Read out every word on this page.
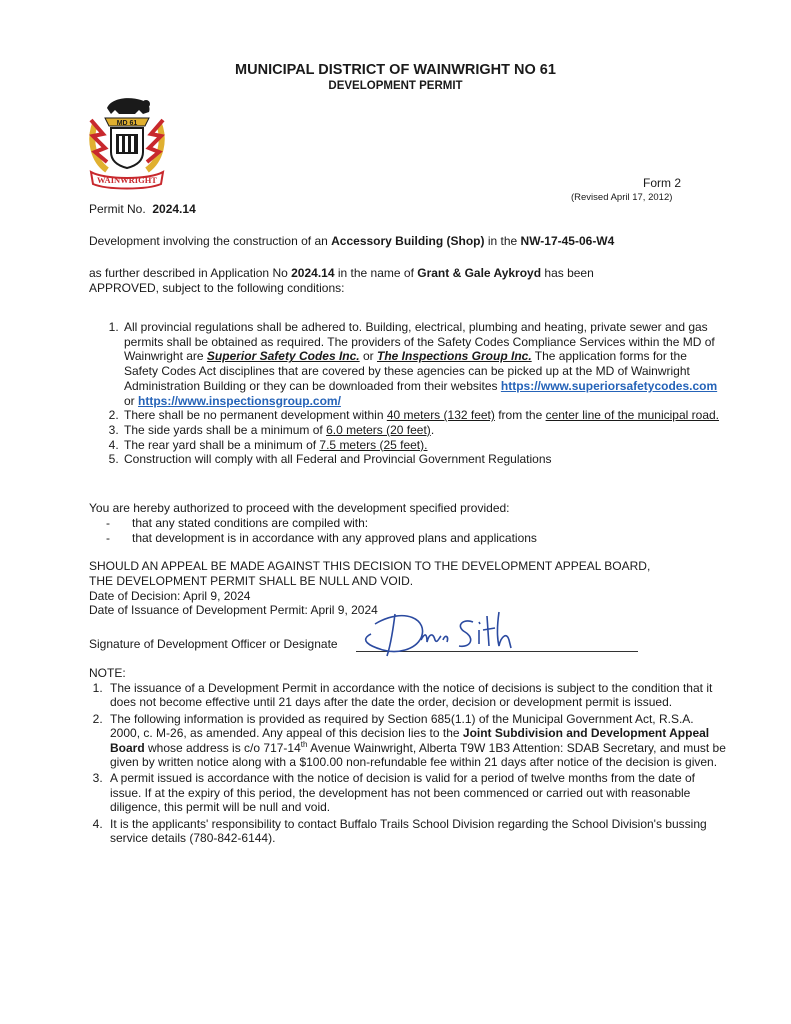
MUNICIPAL DISTRICT OF WAINWRIGHT NO 61
DEVELOPMENT PERMIT
MD 61
WAINWRIGHT	Form 2
(Revised April 17, 2012)
Permit No. 2024.14
Development involving the construction of an Accessory Building (Shop) in the NW-17-45-06-W4
as further described in Application No 2024.14 in the name of Grant & Gale Aykroyd has been
APPROVED, subject to the following conditions:
1. All provincial regulations shall be adhered to. Building, electrical, plumbing and heating, private sewer and gas permits shall be obtained as required. The providers of the Safety Codes Compliance Services within the MD of Wainwright are Superior Safety Codes Inc. or The Inspections Group Inc. The application forms for the Safety Codes Act disciplines that are covered by these agencies can be picked up at the MD of Wainwright Administration Building or they can be downloaded from their websites https://www.superiorsafetycodes.com or https://www.inspectionsgroup.com/
2. There shall be no permanent development within 40 meters (132 feet) from the center line of the municipal road.
3. The side yards shall be a minimum of 6.0 meters (20 feet).
4. The rear yard shall be a minimum of 7.5 meters (25 feet).
5. Construction will comply with all Federal and Provincial Government Regulations
You are hereby authorized to proceed with the development specified provided:
- that any stated conditions are compiled with:
- that development is in accordance with any approved plans and applications
SHOULD AN APPEAL BE MADE AGAINST THIS DECISION TO THE DEVELOPMENT APPEAL BOARD,
THE DEVELOPMENT PERMIT SHALL BE NULL AND VOID.
Date of Decision: April 9, 2024
Date of Issuance of Development Permit: April 9, 2024
Signature of Development Officer or Designate
NOTE:
1. The issuance of a Development Permit in accordance with the notice of decisions is subject to the condition that it does not become effective until 21 days after the date the order, decision or development permit is issued.
2. The following information is provided as required by Section 685(1.1) of the Municipal Government Act, R.S.A. 2000, c. M-26, as amended. Any appeal of this decision lies to the Joint Subdivision and Development Appeal Board whose address is c/o 717-14th Avenue Wainwright, Alberta T9W 1B3 Attention: SDAB Secretary, and must be given by written notice along with a $100.00 non-refundable fee within 21 days after notice of the decision is given.
3. A permit issued is accordance with the notice of decision is valid for a period of twelve months from the date of issue. If at the expiry of this period, the development has not been commenced or carried out with reasonable diligence, this permit will be null and void.
4. It is the applicants' responsibility to contact Buffalo Trails School Division regarding the School Division's bussing service details (780-842-6144).
